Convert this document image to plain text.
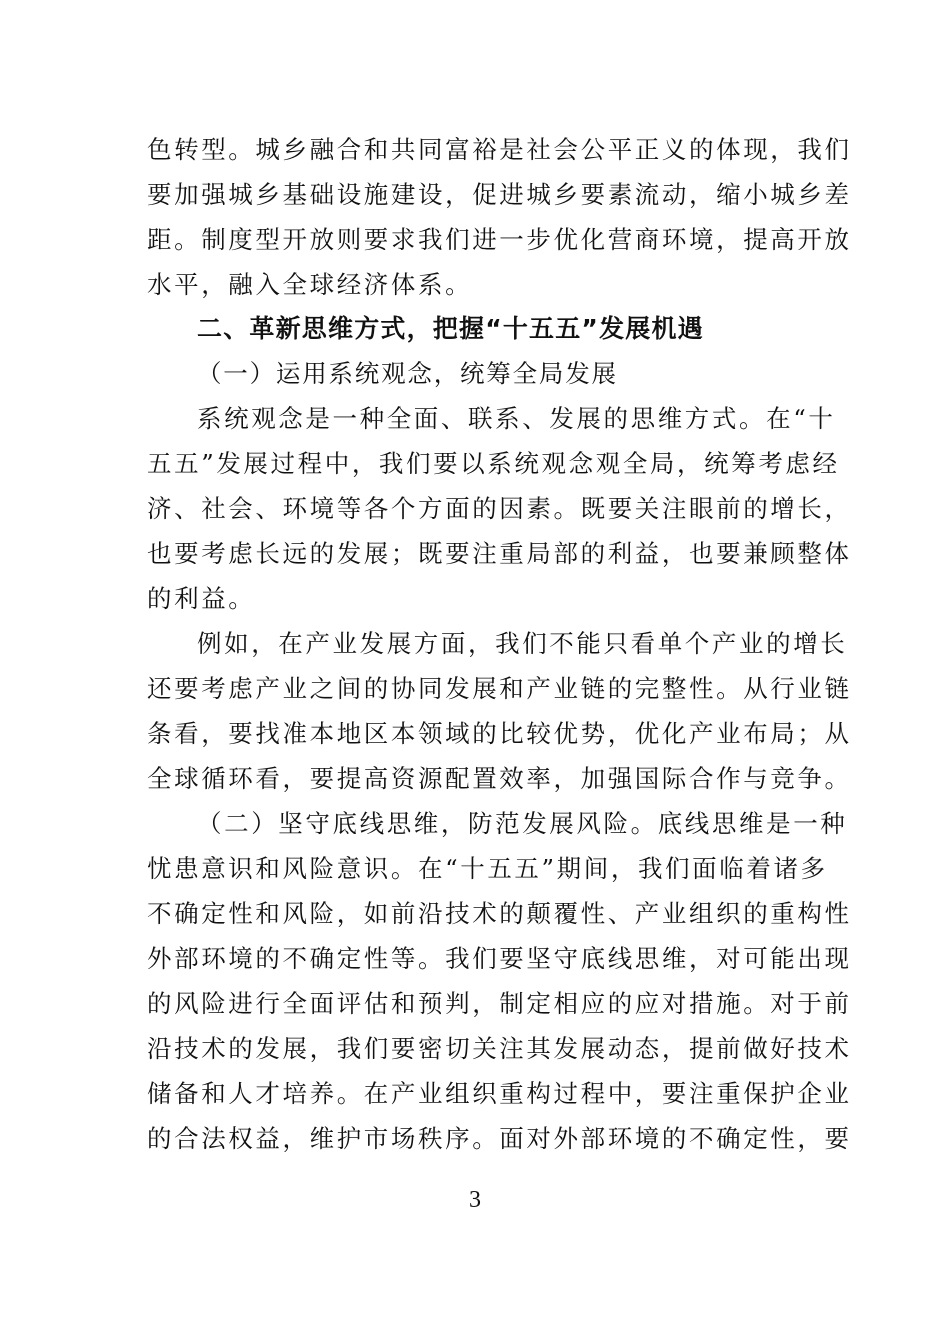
色转型。城乡融合和共同富裕是社会公平正义的体现，我们
要加强城乡基础设施建设，促进城乡要素流动，缩小城乡差
距。制度型开放则要求我们进一步优化营商环境，提高开放
水平，融入全球经济体系。
二、革新思维方式，把握“十五五”发展机遇
（一）运用系统观念，统筹全局发展
系统观念是一种全面、联系、发展的思维方式。在“十
五五”发展过程中，我们要以系统观念观全局，统筹考虑经
济、社会、环境等各个方面的因素。既要关注眼前的增长，
也要考虑长远的发展；既要注重局部的利益，也要兼顾整体
的利益。
例如，在产业发展方面，我们不能只看单个产业的增长
还要考虑产业之间的协同发展和产业链的完整性。从行业链
条看，要找准本地区本领域的比较优势，优化产业布局；从
全球循环看，要提高资源配置效率，加强国际合作与竞争。
（二）坚守底线思维，防范发展风险。底线思维是一种
忧患意识和风险意识。在“十五五”期间，我们面临着诸多
不确定性和风险，如前沿技术的颠覆性、产业组织的重构性
外部环境的不确定性等。我们要坚守底线思维，对可能出现
的风险进行全面评估和预判，制定相应的应对措施。对于前
沿技术的发展，我们要密切关注其发展动态，提前做好技术
储备和人才培养。在产业组织重构过程中，要注重保护企业
的合法权益，维护市场秩序。面对外部环境的不确定性，要
3
